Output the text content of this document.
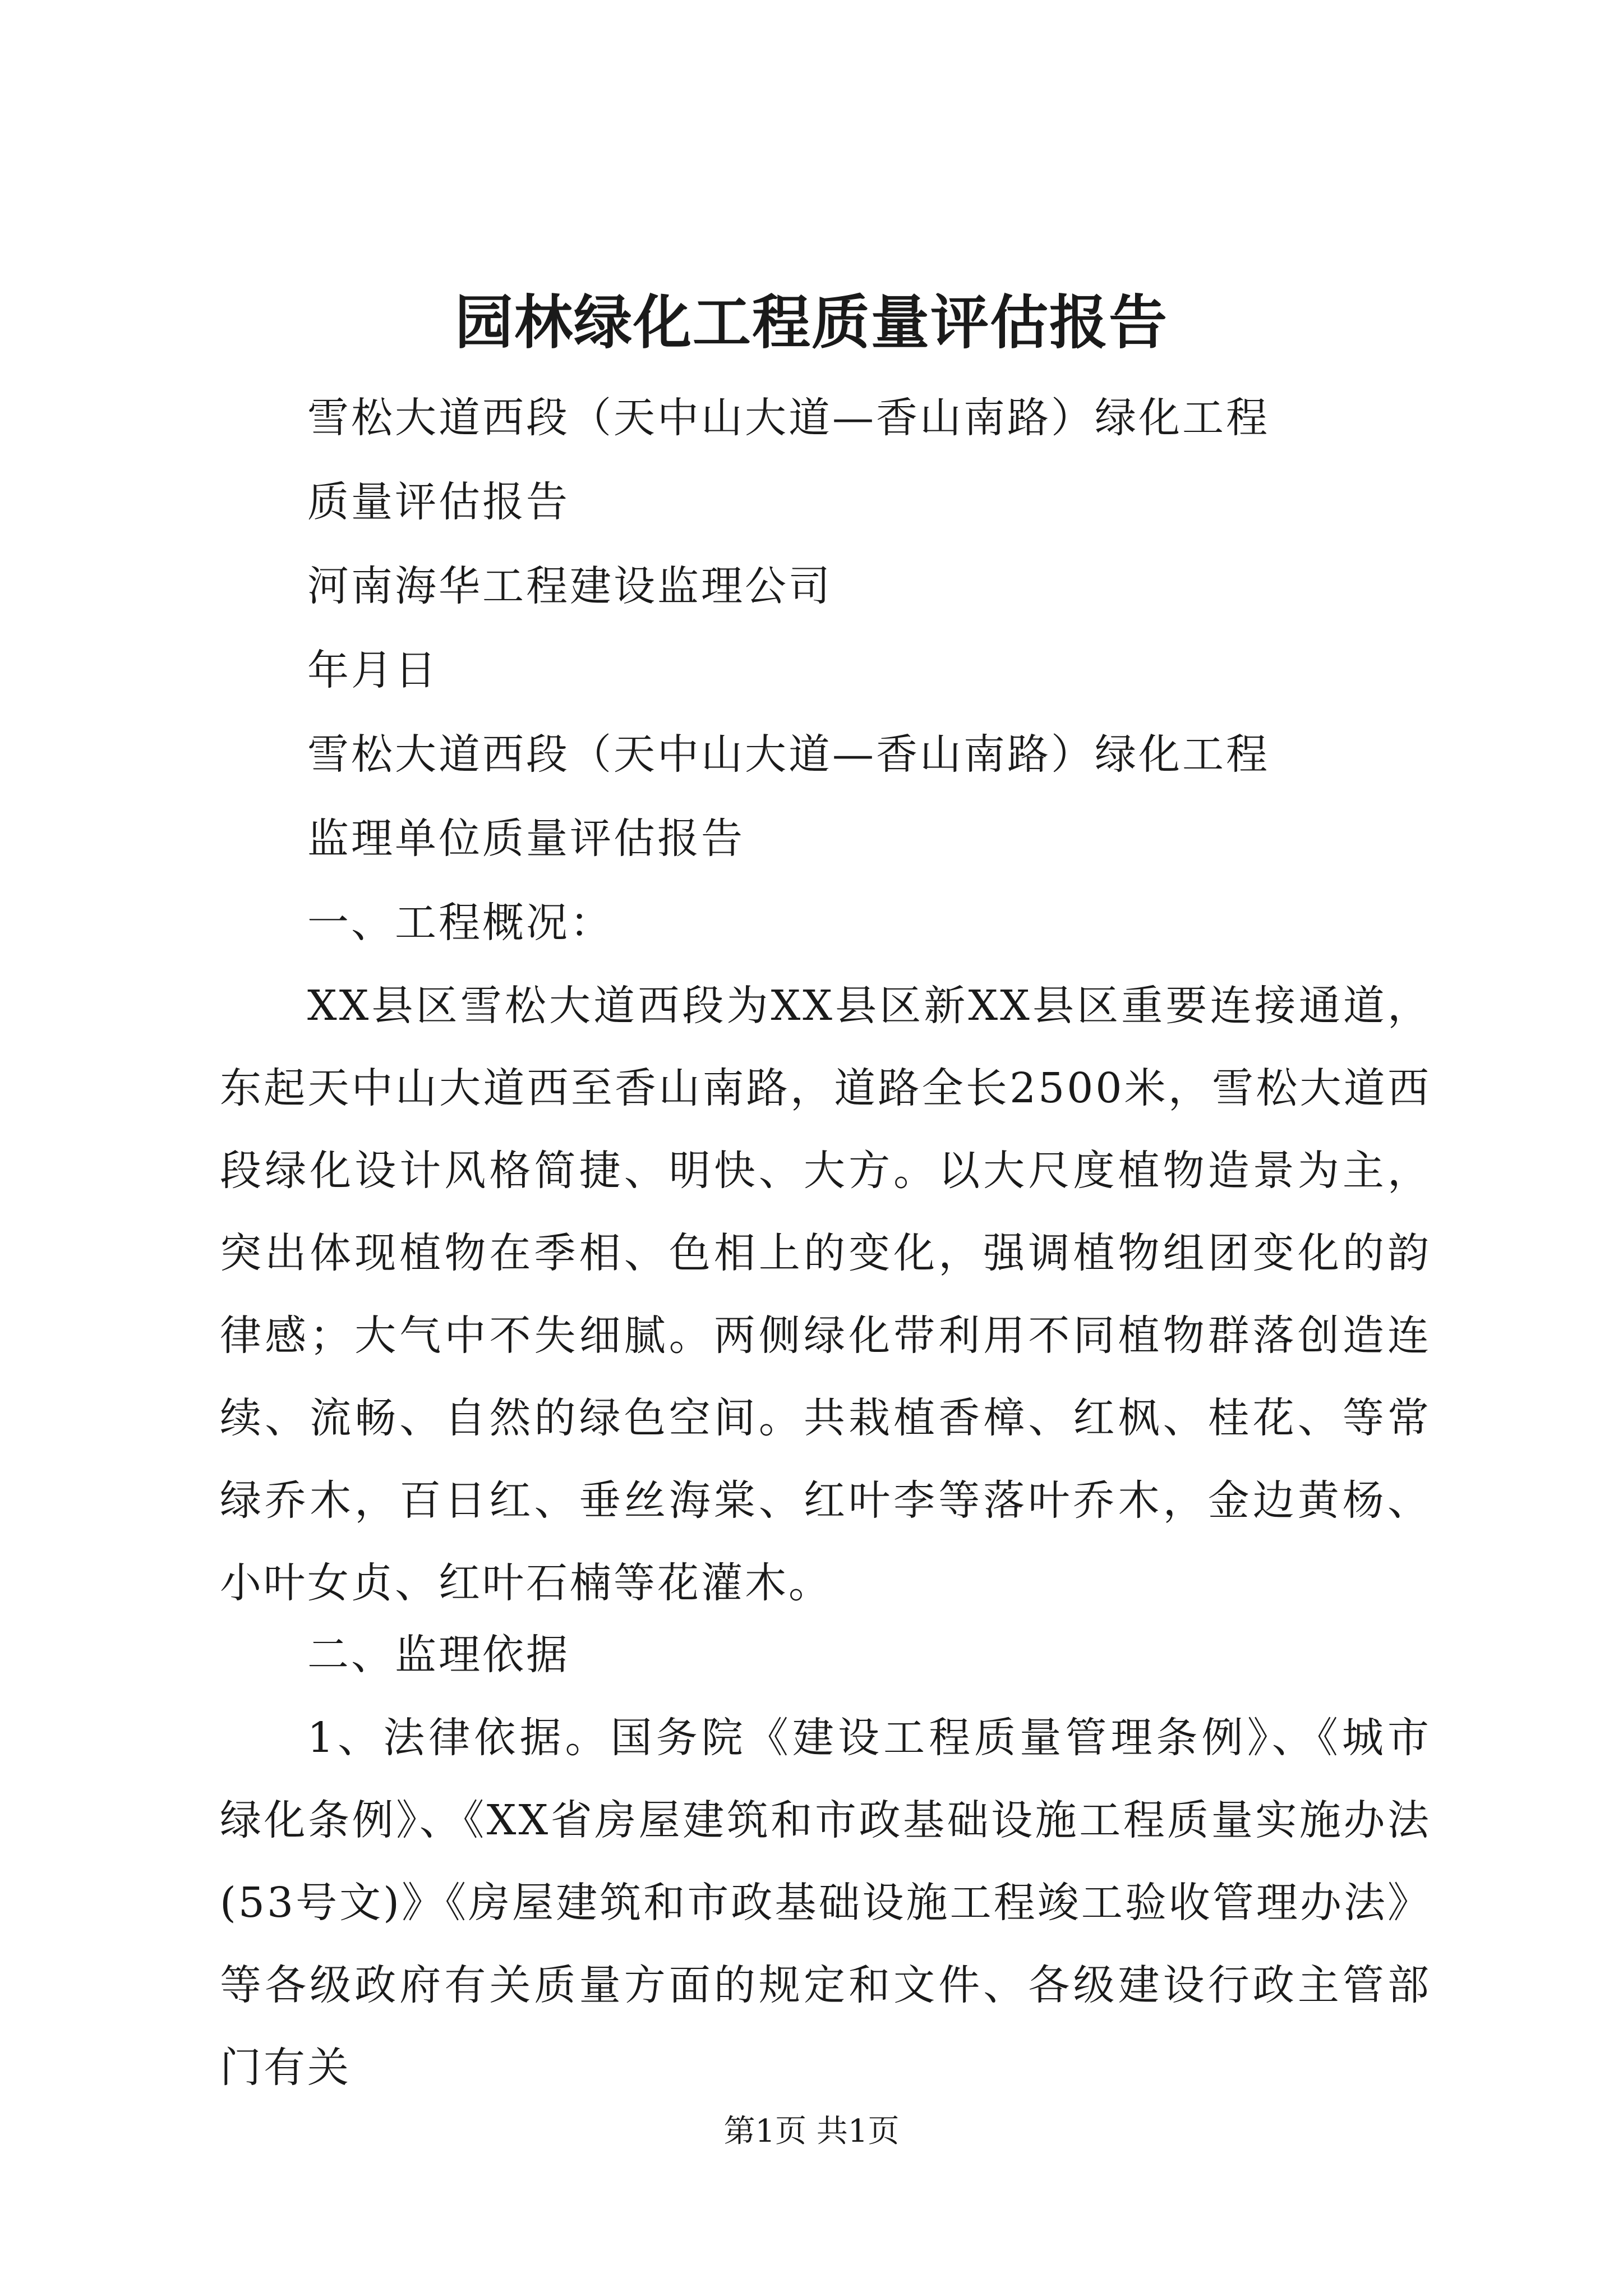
园林绿化工程质量评估报告
雪松大道西段（天中山大道—香山南路）绿化工程
质量评估报告
河南海华工程建设监理公司
年月日
雪松大道西段（天中山大道—香山南路）绿化工程
监理单位质量评估报告
一、工程概况：

XX县区雪松大道西段为XX县区新XX县区重要连接通道，东起天中山大道西至香山南路，道路全长2500米，雪松大道西段绿化设计风格简捷、明快、大方。以大尺度植物造景为主，突出体现植物在季相、色相上的变化，强调植物组团变化的韵律感；大气中不失细腻。两侧绿化带利用不同植物群落创造连续、流畅、自然的绿色空间。共栽植香樟、红枫、桂花、等常绿乔木，百日红、垂丝海棠、红叶李等落叶乔木，金边黄杨、小叶女贞、红叶石楠等花灌木。

二、监理依据

1、法律依据。国务院《建设工程质量管理条例》、《城市绿化条例》、《XX省房屋建筑和市政基础设施工程质量实施办法(53号文)》《房屋建筑和市政基础设施工程竣工验收管理办法》等各级政府有关质量方面的规定和文件、各级建设行政主管部门有关

第1页 共1页
